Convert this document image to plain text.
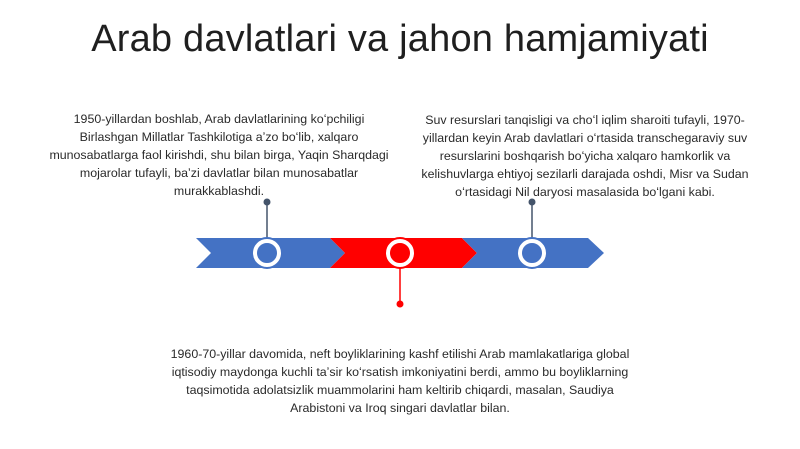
Arab davlatlari va jahon hamjamiyati
1950-yillardan boshlab, Arab davlatlarining koʻpchiligi Birlashgan Millatlar Tashkilotiga aʼzo boʻlib, xalqaro munosabatlarga faol kirishdi, shu bilan birga, Yaqin Sharqdagi mojarolar tufayli, baʼzi davlatlar bilan munosabatlar murakkablashdi.
Suv resurslari tanqisligi va choʻl iqlim sharoiti tufayli, 1970-yillardan keyin Arab davlatlari oʻrtasida transchegaraviy suv resurslarini boshqarish boʻyicha xalqaro hamkorlik va kelishuvlarga ehtiyoj sezilarli darajada oshdi, Misr va Sudan oʻrtasidagi Nil daryosi masalasida boʻlgani kabi.
1960-70-yillar davomida, neft boyliklarining kashf etilishi Arab mamlakatlariga global iqtisodiy maydonga kuchli taʼsir koʻrsatish imkoniyatini berdi, ammo bu boyliklarning taqsimotida adolatsizlik muammolarini ham keltirib chiqardi, masalan, Saudiya Arabistoni va Iroq singari davlatlar bilan.
